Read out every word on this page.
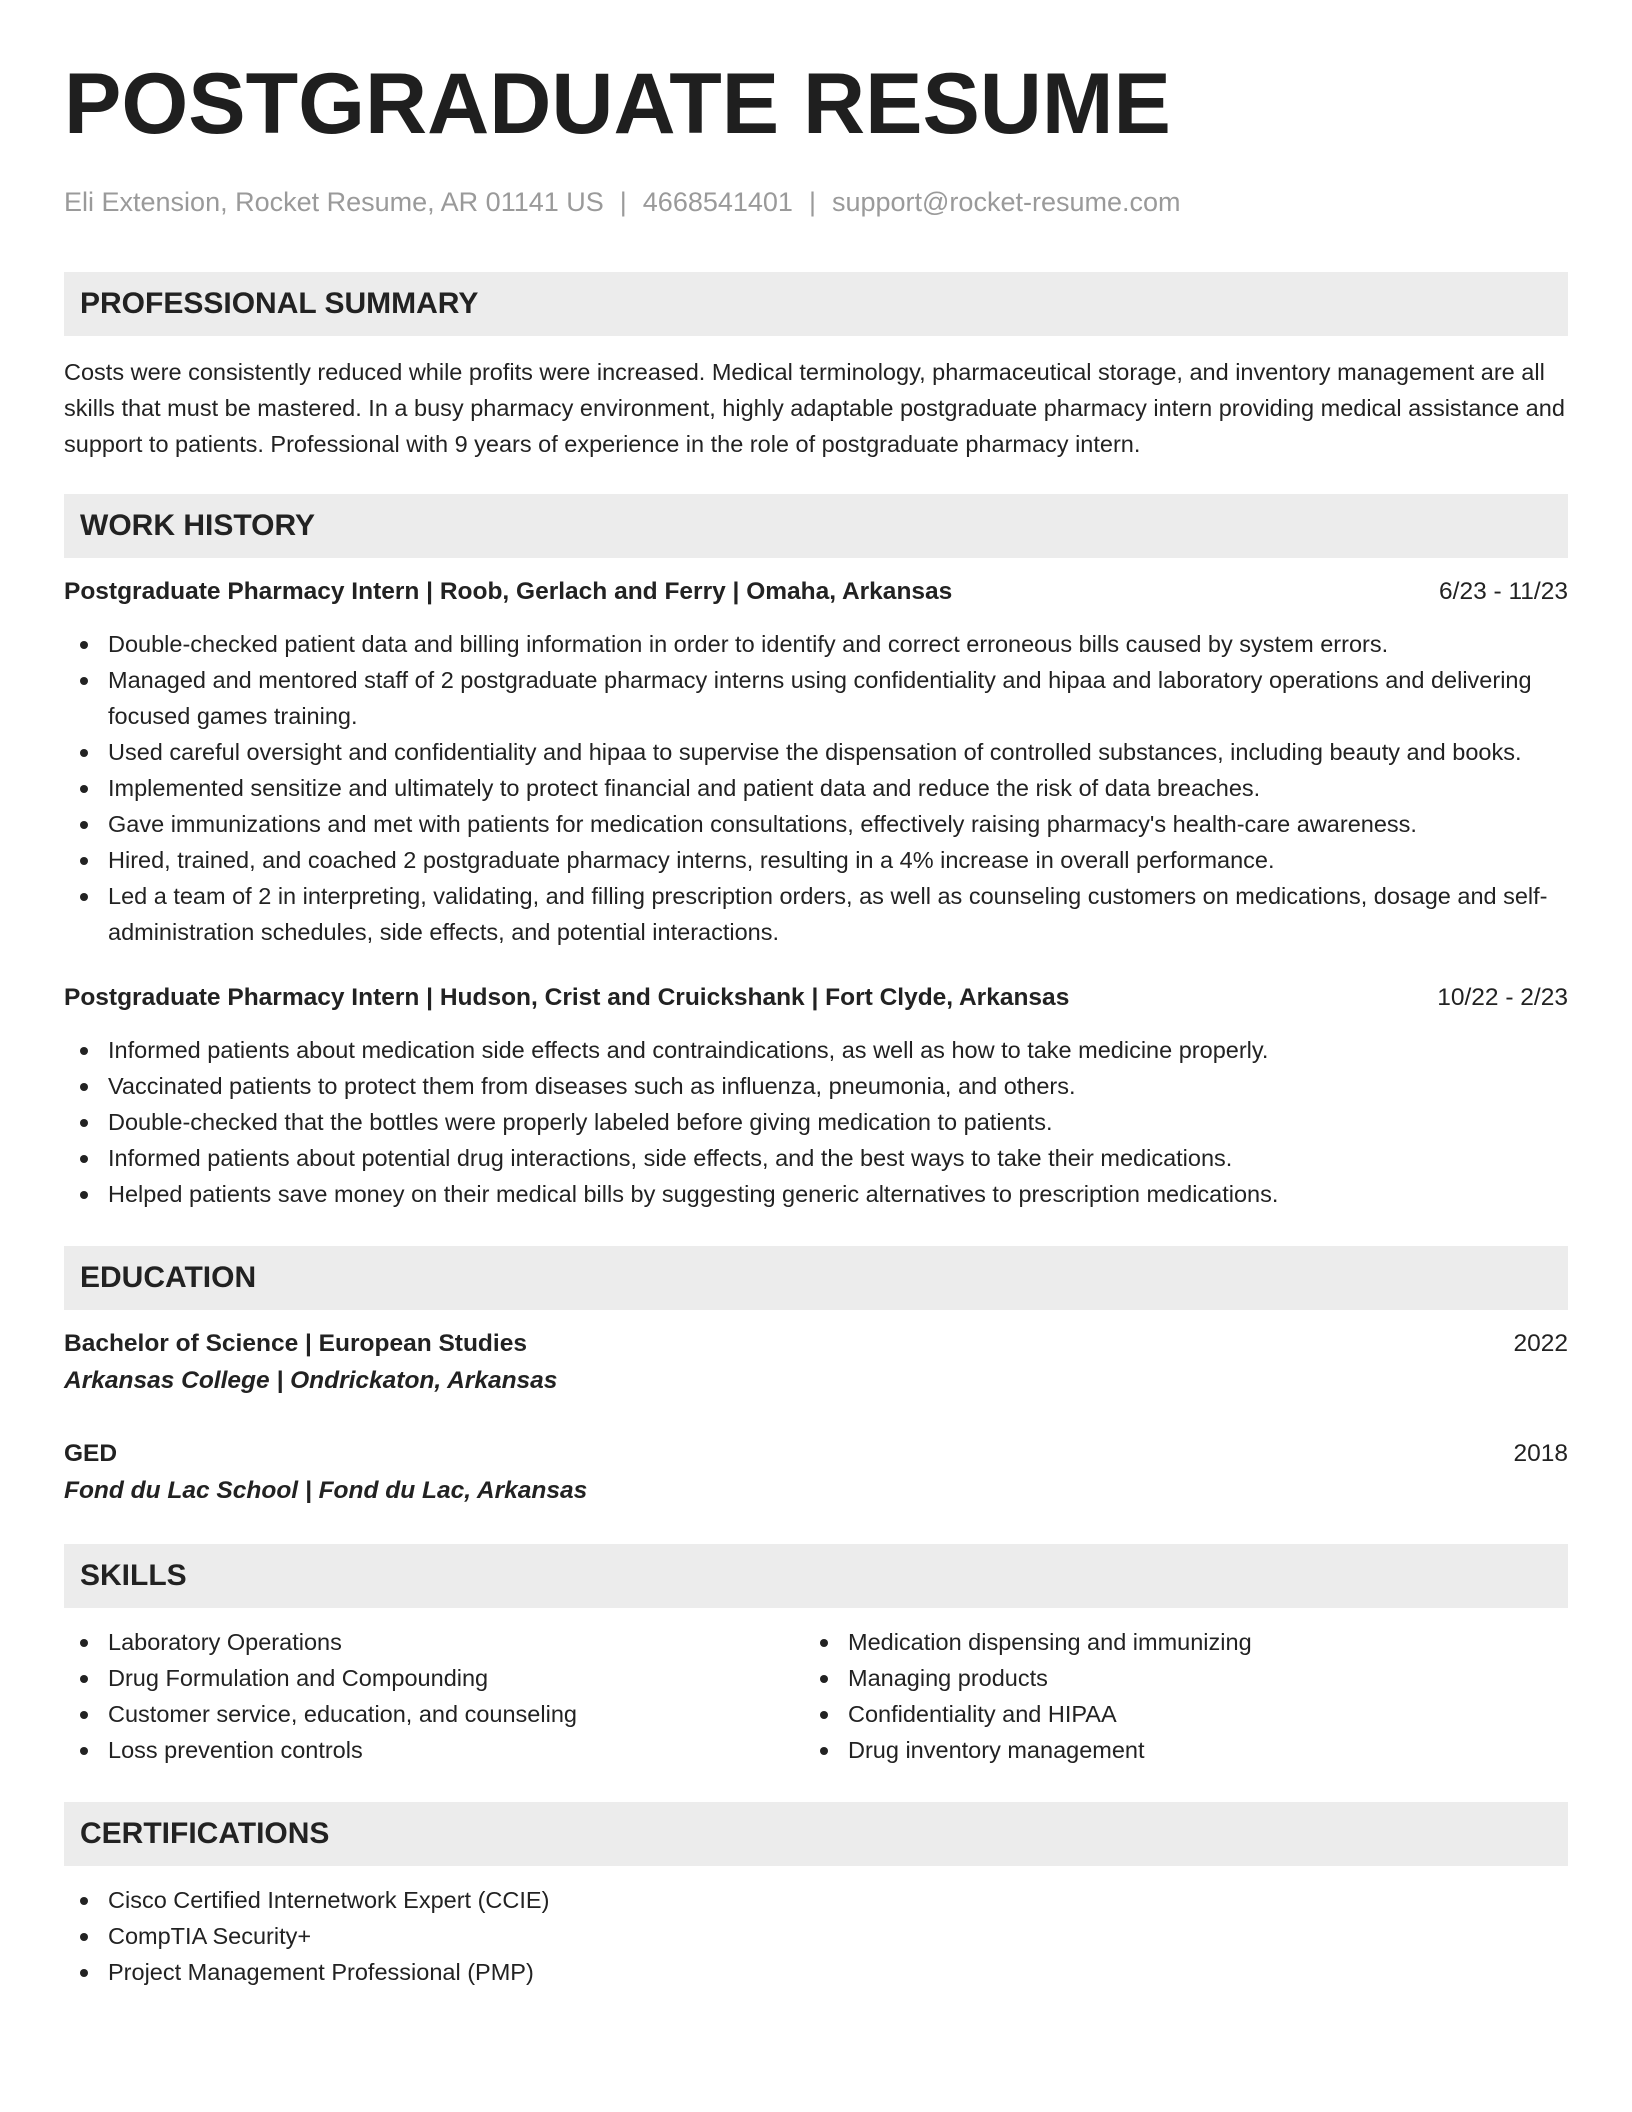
POSTGRADUATE RESUME
Eli Extension, Rocket Resume, AR 01141 US | 4668541401 | support@rocket-resume.com
PROFESSIONAL SUMMARY

Costs were consistently reduced while profits were increased. Medical terminology, pharmaceutical storage, and inventory management are all skills that must be mastered. In a busy pharmacy environment, highly adaptable postgraduate pharmacy intern providing medical assistance and support to patients. Professional with 9 years of experience in the role of postgraduate pharmacy intern.

WORK HISTORY
Postgraduate Pharmacy Intern | Roob, Gerlach and Ferry | Omaha, Arkansas	6/23 - 11/23
Double-checked patient data and billing information in order to identify and correct erroneous bills caused by system errors.
Managed and mentored staff of 2 postgraduate pharmacy interns using confidentiality and hipaa and laboratory operations and delivering focused games training.
Used careful oversight and confidentiality and hipaa to supervise the dispensation of controlled substances, including beauty and books.
Implemented sensitize and ultimately to protect financial and patient data and reduce the risk of data breaches.
Gave immunizations and met with patients for medication consultations, effectively raising pharmacy's health-care awareness.
Hired, trained, and coached 2 postgraduate pharmacy interns, resulting in a 4% increase in overall performance.
Led a team of 2 in interpreting, validating, and filling prescription orders, as well as counseling customers on medications, dosage and self-administration schedules, side effects, and potential interactions.
Postgraduate Pharmacy Intern | Hudson, Crist and Cruickshank | Fort Clyde, Arkansas	10/22 - 2/23
Informed patients about medication side effects and contraindications, as well as how to take medicine properly.
Vaccinated patients to protect them from diseases such as influenza, pneumonia, and others.
Double-checked that the bottles were properly labeled before giving medication to patients.
Informed patients about potential drug interactions, side effects, and the best ways to take their medications.
Helped patients save money on their medical bills by suggesting generic alternatives to prescription medications.
EDUCATION
Bachelor of Science | European Studies	2022
Arkansas College | Ondrickaton, Arkansas
GED	2018
Fond du Lac School | Fond du Lac, Arkansas
SKILLS
Laboratory Operations
Drug Formulation and Compounding
Customer service, education, and counseling
Loss prevention controls
Medication dispensing and immunizing
Managing products
Confidentiality and HIPAA
Drug inventory management
CERTIFICATIONS
Cisco Certified Internetwork Expert (CCIE)
CompTIA Security+
Project Management Professional (PMP)
